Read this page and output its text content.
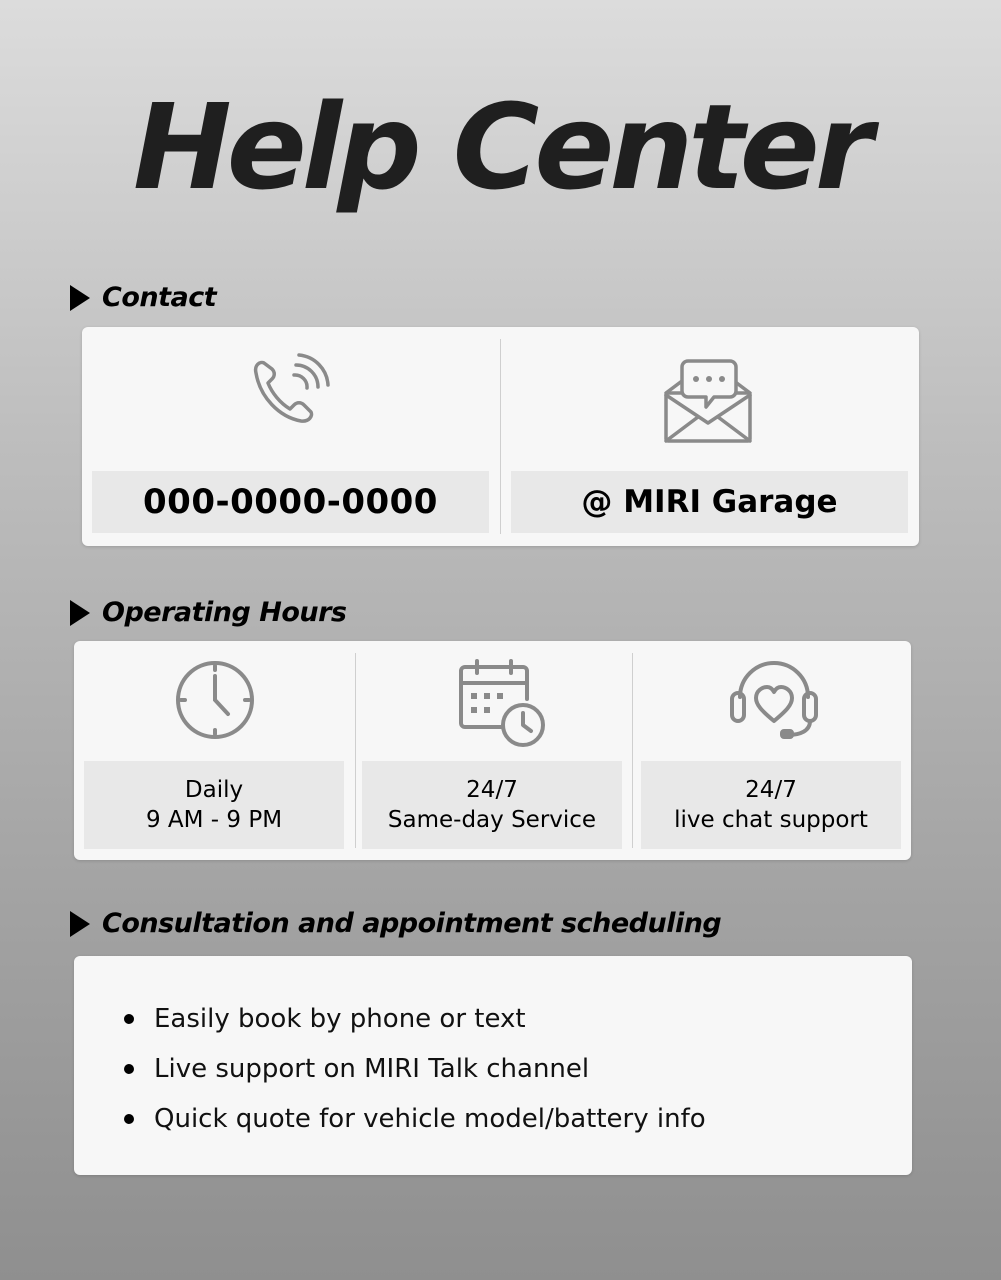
Help Center
Contact
000-0000-0000	@ MIRI Garage
Operating Hours
Daily
9 AM - 9 PM
24/7
Same-day Service
24/7
live chat support
Consultation and appointment scheduling
Easily book by phone or text
Live support on MIRI Talk channel
Quick quote for vehicle model/battery info
